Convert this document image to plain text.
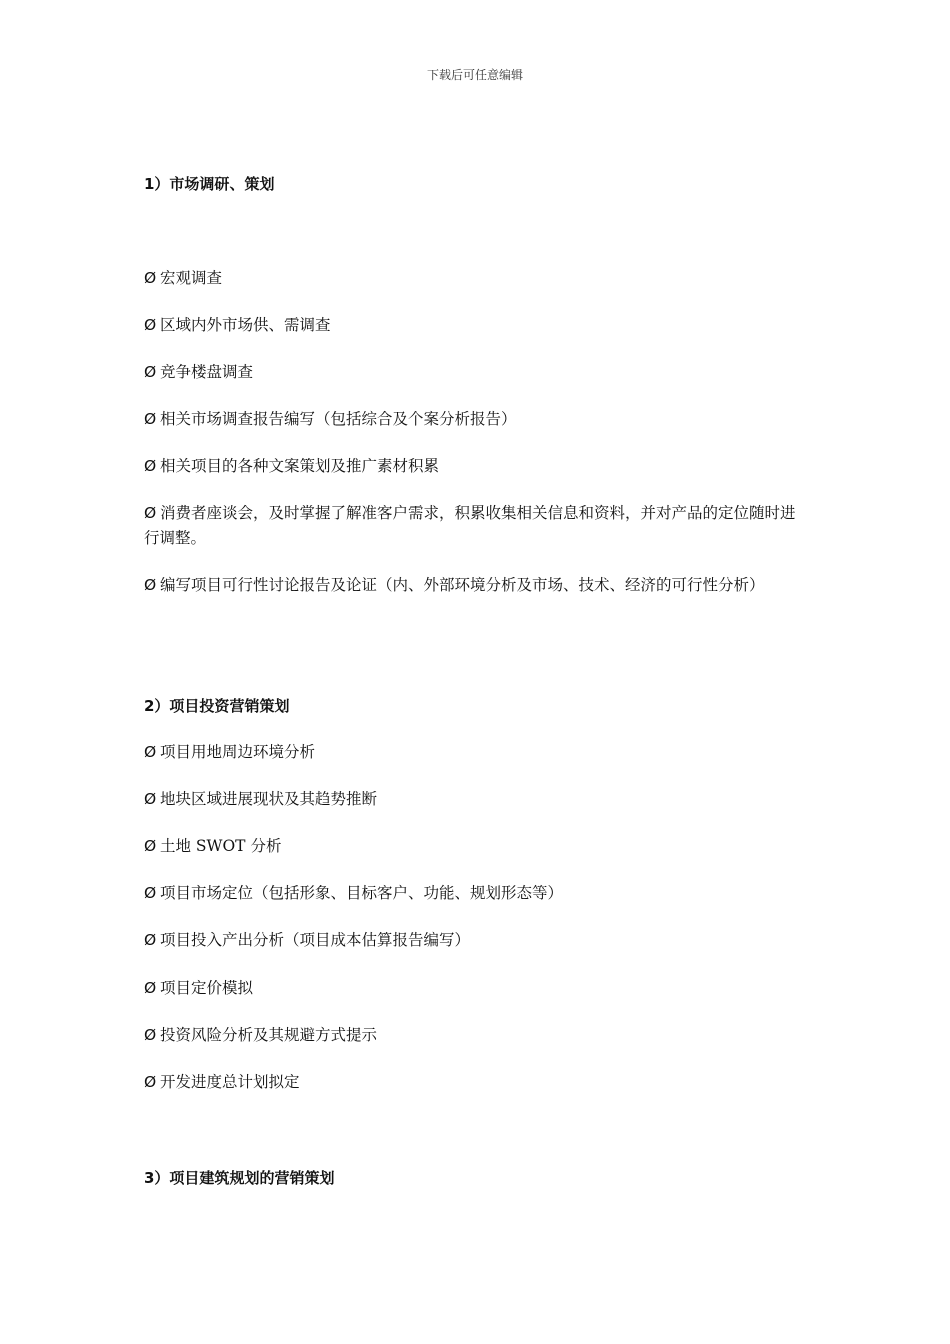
下载后可任意编辑
1）市场调研、策划
Ø 宏观调查
Ø 区域内外市场供、需调查
Ø 竞争楼盘调查
Ø 相关市场调查报告编写（包括综合及个案分析报告）
Ø 相关项目的各种文案策划及推广素材积累
Ø 消费者座谈会，及时掌握了解准客户需求，积累收集相关信息和资料，并对产品的定位随时进行调整。
Ø 编写项目可行性讨论报告及论证（内、外部环境分析及市场、技术、经济的可行性分析）
2）项目投资营销策划
Ø 项目用地周边环境分析
Ø 地块区域进展现状及其趋势推断
Ø 土地 SWOT 分析
Ø 项目市场定位（包括形象、目标客户、功能、规划形态等）
Ø 项目投入产出分析（项目成本估算报告编写）
Ø 项目定价模拟
Ø 投资风险分析及其规避方式提示
Ø 开发进度总计划拟定
3）项目建筑规划的营销策划
